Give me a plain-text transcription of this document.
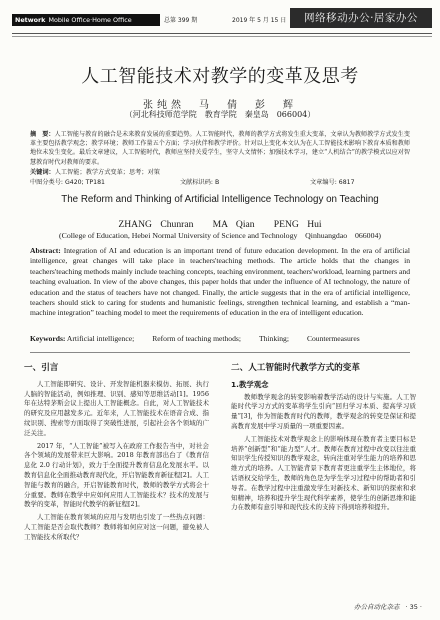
Network Mobile Office·Home Office	总第 399 期	2019 年 5 月 15 日	网络移动办公·居家办公
人工智能技术对教学的变革及思考
张纯然　马　倩　彭　辉
（河北科技师范学院　教育学院　秦皇岛　066004）
摘　要：人工智能与教育的融合是未来教育发展的重要趋势。人工智能时代，教师的教学方式将发生重大变革，文章认为教师教学方式发生变革主要包括教学观念；教学环境；教师工作量五个方面；学习伙伴和教学评价。针对以上变化本文认为在人工智能技术影响下教育本质和教师地位未发生变化。最后文章建议，人工智能时代，教师应坚持关爱学生，坚守人文情怀；加强技术学习，建立“人机结合”的教学模式以应对智慧教育时代对教师的要求。
关键词：人工智能；教学方式变革；思考；对策
中图分类号: G420; TP181	文献标识码: B	文章编号: 6817
The Reform and Thinking of Artificial Intelligence Technology on Teaching
ZHANG Chunran　　MA Qian　　PENG Hui
(College of Education, Hebei Normal University of Science and Technology　Qinhuangdao　066004)
Abstract: Integration of AI and education is an important trend of future education development. In the era of artificial intelligence, great changes will take place in teachers'teaching methods. The article holds that the changes in teachers'teaching methods mainly include teaching concepts, teaching environment, teachers'workload, learning partners and teaching evaluation. In view of the above changes, this paper holds that under the influence of AI technology, the nature of education and the status of teachers have not changed. Finally, the article suggests that in the era of artificial intelligence, teachers should stick to caring for students and humanistic feelings, strengthen technical learning, and establish a “man-machine integration” teaching model to meet the requirements of education in the era of intelligent education.
Keywords: Artificial intelligence; Reform of teaching methods; Thinking; Countermeasures
一、引言

人工智能即研究、设计、开发智能机器来模仿、拓展、执行人脑的智能活动，例如推理、识别、感知等思维活动[1]。1956 年在达特茅斯会议上提出人工智能概念。自此，对人工智能技术的研究及应用越发多元。近年来，人工智能技术在语音合成、指纹识别、搜索等方面取得了突破性进展，引起社会各个领域的广泛关注。

2017 年，“人工智能”被写入在政府工作报告当中，对社会各个领域的发展带来巨大影响。2018 年教育部出台了《教育信息化 2.0 行动计划》，致力于全面提升教育信息化发展水平。以教育信息化全面推动教育现代化，开启智能教育新征程[2]。人工智能与教育的融合，开启智能教育时代，教师的教学方式将会十分重要。教师在教学中应如何应用人工智能技术？技术的发展与教学的变革，智能时代教学的新征程[2]。

人工智能在教育领域的应用与发明也引发了一些热点问题：人工智能是否会取代教师？教师将如何应对这一问题，避免被人工智能技术所取代？

二、人工智能时代教学方式的变革
1.教学观念

教师教学观念的转变影响着教学活动的设计与实施。人工智能时代学习方式的变革将学生引向“回归学习本质、提高学习质量”[3]，作为智能教育时代的教师，教学观念的转变是保证和提高教育发展中学习质量的一项重要因素。

人工智能技术对教学观念上的影响体现在教育者主要目标是培养“创新型”和“能力型”人才。教师在教育过程中改变以往注重知识学生传授知识的教学观念，转向注重对学生能力的培养和思维方式的培养。人工智能背景下教育者更注重学生主体地位，将话语权交给学生，教师的角色是为学生学习过程中的帮助者和引导者。在教学过程中注重激发学生对新技术、新知识的探索和求知精神，培养和提升学生现代科学素养，使学生的创新思维和能力在教师有意引导和现代技术的支持下得到培养和提升。

办公自动化杂志 · 35 ·
